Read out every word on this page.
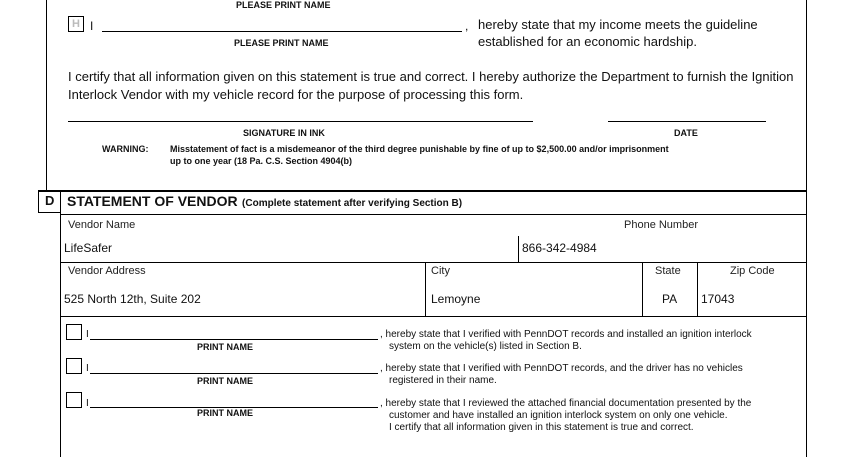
PLEASE PRINT NAME
H I	,
PLEASE PRINT NAME
hereby state that my income meets the guideline
established for an economic hardship.
I certify that all information given on this statement is true and correct. I hereby authorize the Department to furnish the Ignition
Interlock Vendor with my vehicle record for the purpose of processing this form.
SIGNATURE IN INK	DATE
WARNING: Misstatement of fact is a misdemeanor of the third degree punishable by fine of up to $2,500.00 and/or imprisonment
up to one year (18 Pa. C.S. Section 4904(b)
D STATEMENT OF VENDOR (Complete statement after verifying Section B)
Vendor Name	Phone Number
LifeSafer	866-342-4984
Vendor Address	City	State	Zip Code
525 North 12th, Suite 202	Lemoyne	PA 17043
I
PRINT NAME
, hereby state that I verified with PennDOT records and installed an ignition interlock
system on the vehicle(s) listed in Section B.
I
PRINT NAME
, hereby state that I verified with PennDOT records, and the driver has no vehicles
registered in their name.
I
PRINT NAME
, hereby state that I reviewed the attached financial documentation presented by the
customer and have installed an ignition interlock system on only one vehicle.
I certify that all information given in this statement is true and correct.
